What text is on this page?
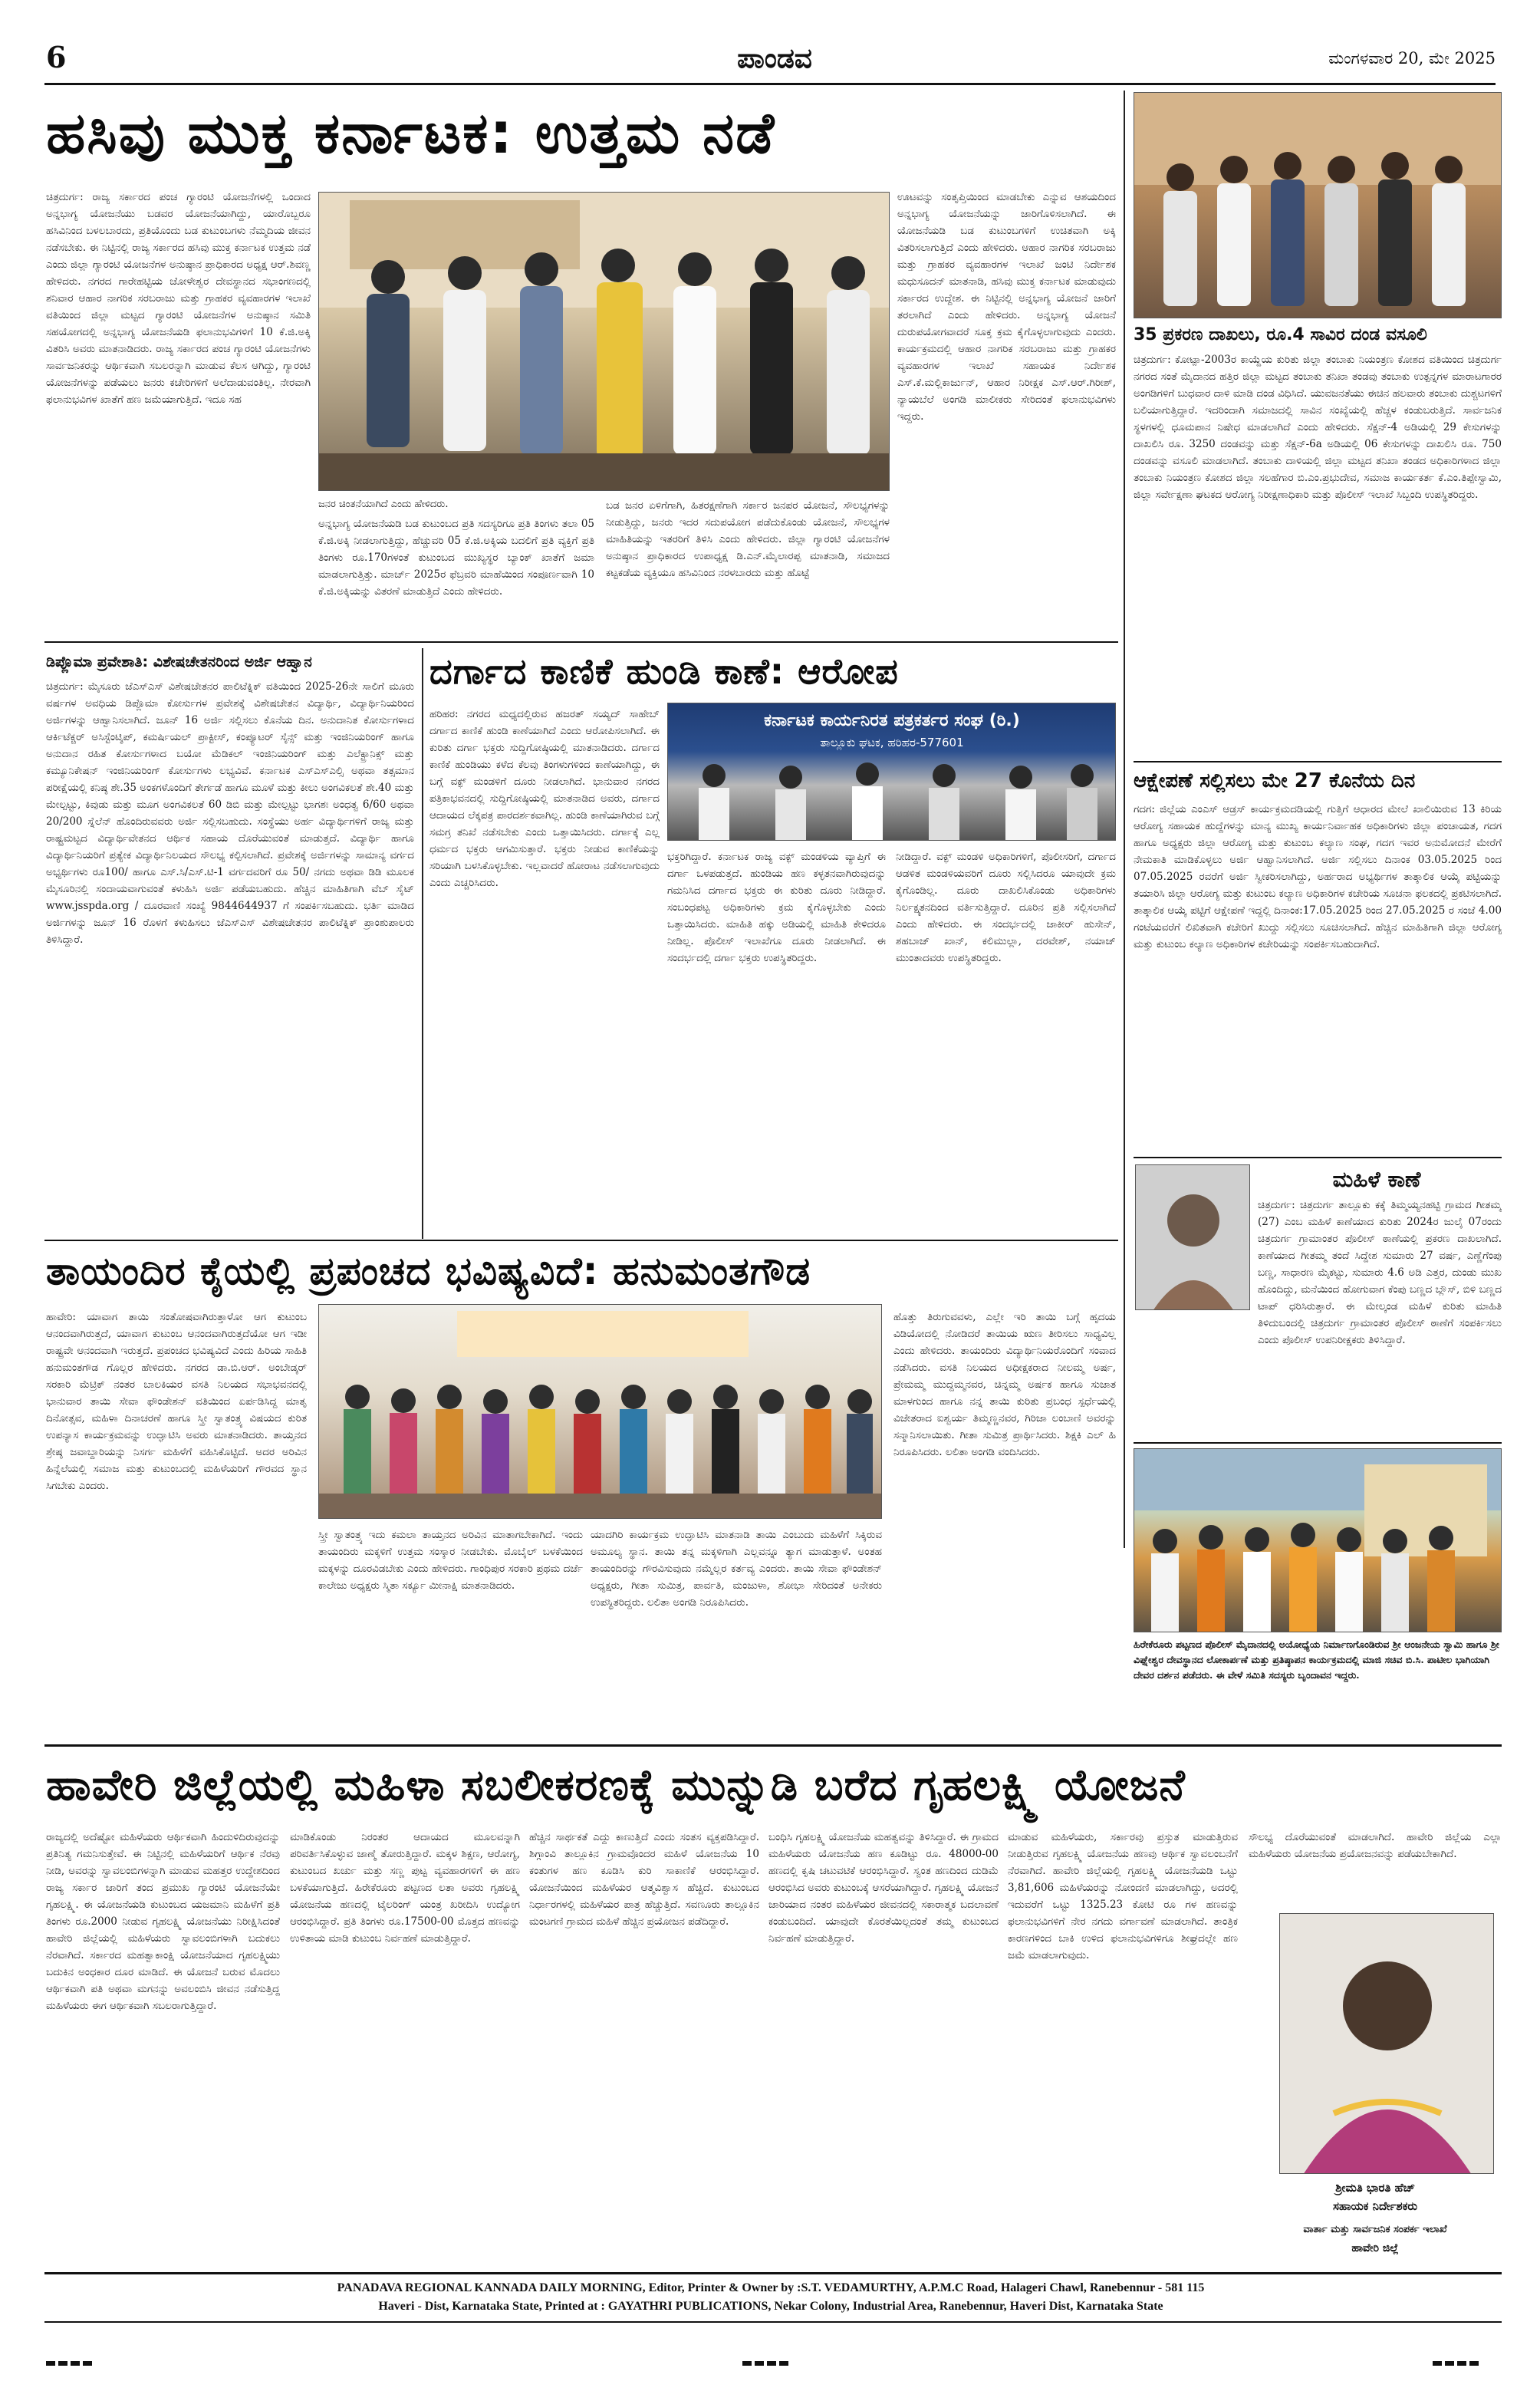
6	ಪಾಂಡವ	ಮಂಗಳವಾರ 20, ಮೇ 2025
ಹಸಿವು ಮುಕ್ತ ಕರ್ನಾಟಕ: ಉತ್ತಮ ನಡೆ
ಚಿತ್ರದುರ್ಗ: ರಾಜ್ಯ ಸರ್ಕಾರದ ಪಂಚ ಗ್ಯಾರಂಟಿ ಯೋಜನೆಗಳಲ್ಲಿ ಒಂದಾದ ಅನ್ನಭಾಗ್ಯ ಯೋಜನೆಯು ಬಡವರ ಯೋಜನೆಯಾಗಿದ್ದು, ಯಾರೊಬ್ಬರೂ ಹಸಿವಿನಿಂದ ಬಳಲಬಾರದು, ಪ್ರತಿಯೊಂದು ಬಡ ಕುಟುಂಬಗಳು ನೆಮ್ಮದಿಯ ಜೀವನ ನಡೆಸಬೇಕು. ಈ ನಿಟ್ಟಿನಲ್ಲಿ ರಾಜ್ಯ ಸರ್ಕಾರದ ಹಸಿವು ಮುಕ್ತ ಕರ್ನಾಟಕ ಉತ್ತಮ ನಡೆ ಎಂದು ಜಿಲ್ಲಾ ಗ್ಯಾರಂಟಿ ಯೋಜನೆಗಳ ಅನುಷ್ಠಾನ ಪ್ರಾಧಿಕಾರದ ಅಧ್ಯಕ್ಷ ಆರ್.ಶಿವಣ್ಣ ಹೇಳಿದರು. ನಗರದ ಗಾರೇಹಟ್ಟಿಯ ಚೋಳೇಶ್ವರ ದೇವಸ್ಥಾನದ ಸಭಾಂಗಣದಲ್ಲಿ ಶನಿವಾರ ಆಹಾರ ನಾಗರಿಕ ಸರಬರಾಜು ಮತ್ತು ಗ್ರಾಹಕರ ವ್ಯವಹಾರಗಳ ಇಲಾಖೆ ವತಿಯಿಂದ ಜಿಲ್ಲಾ ಮಟ್ಟದ ಗ್ಯಾರಂಟಿ ಯೋಜನೆಗಳ ಅನುಷ್ಠಾನ ಸಮಿತಿ ಸಹಯೋಗದಲ್ಲಿ ಅನ್ನಭಾಗ್ಯ ಯೋಜನೆಯಡಿ ಫಲಾನುಭವಿಗಳಿಗೆ 10 ಕೆ.ಜಿ.ಅಕ್ಕಿ ವಿತರಿಸಿ ಅವರು ಮಾತನಾಡಿದರು. ರಾಜ್ಯ ಸರ್ಕಾರದ ಪಂಚ ಗ್ಯಾರಂಟಿ ಯೋಜನೆಗಳು ಸಾರ್ವಜನಿಕರನ್ನು ಆರ್ಥಿಕವಾಗಿ ಸಬಲರನ್ನಾಗಿ ಮಾಡುವ ಕೆಲಸ ಆಗಿದ್ದು, ಗ್ಯಾರಂಟಿ ಯೋಜನೆಗಳನ್ನು ಪಡೆಯಲು ಜನರು ಕಚೇರಿಗಳಿಗೆ ಅಲೆದಾಡುವಂತಿಲ್ಲ. ನೇರವಾಗಿ ಫಲಾನುಭವಿಗಳ ಖಾತೆಗೆ ಹಣ ಜಮೆಯಾಗುತ್ತಿದೆ. ಇದೂ ಸಹ
ಜನರ ಚಿಂತನೆಯಾಗಿದೆ ಎಂದು ಹೇಳಿದರು.
ಅನ್ನಭಾಗ್ಯ ಯೋಜನೆಯಡಿ ಬಡ ಕುಟುಂಬದ ಪ್ರತಿ ಸದಸ್ಯರಿಗೂ ಪ್ರತಿ ತಿಂಗಳು ತಲಾ 05 ಕೆ.ಜಿ.ಅಕ್ಕಿ ನೀಡಲಾಗುತ್ತಿದ್ದು, ಹೆಚ್ಚುವರಿ 05 ಕೆ.ಜಿ.ಅಕ್ಕಿಯ ಬದಲಿಗೆ ಪ್ರತಿ ವ್ಯಕ್ತಿಗೆ ಪ್ರತಿ ತಿಂಗಳು ರೂ.170ಗಳಂತೆ ಕುಟುಂಬದ ಮುಖ್ಯಸ್ಥರ ಬ್ಯಾಂಕ್ ಖಾತೆಗೆ ಜಮಾ ಮಾಡಲಾಗುತ್ತಿತ್ತು. ಮಾರ್ಚ್ 2025ರ ಫೆಬ್ರವರಿ ಮಾಹೆಯಿಂದ ಸಂಪೂರ್ಣವಾಗಿ 10 ಕೆ.ಜಿ.ಅಕ್ಕಿಯನ್ನು ವಿತರಣೆ ಮಾಡುತ್ತಿದೆ ಎಂದು ಹೇಳಿದರು.
ಬಡ ಜನರ ಏಳಿಗೆಗಾಗಿ, ಹಿತರಕ್ಷಣೆಗಾಗಿ ಸರ್ಕಾರ ಜನಪರ ಯೋಜನೆ, ಸೌಲಭ್ಯಗಳನ್ನು ನೀಡುತ್ತಿದ್ದು, ಜನರು ಇದರ ಸದುಪಯೋಗ ಪಡೆದುಕೊಂಡು ಯೋಜನೆ, ಸೌಲಭ್ಯಗಳ ಮಾಹಿತಿಯನ್ನು ಇತರರಿಗೆ ತಿಳಿಸಿ ಎಂದು ಹೇಳಿದರು. ಜಿಲ್ಲಾ ಗ್ಯಾರಂಟಿ ಯೋಜನೆಗಳ ಅನುಷ್ಠಾನ ಪ್ರಾಧಿಕಾರದ ಉಪಾಧ್ಯಕ್ಷ ಡಿ.ಎನ್.ಮೈಲಾರಪ್ಪ ಮಾತನಾಡಿ, ಸಮಾಜದ ಕಟ್ಟಕಡೆಯ ವ್ಯಕ್ತಿಯೂ ಹಸಿವಿನಿಂದ ನರಳಬಾರದು ಮತ್ತು ಹೊಟ್ಟೆ
ಊಟವನ್ನು ಸಂತೃಪ್ತಿಯಿಂದ ಮಾಡಬೇಕು ಎನ್ನುವ ಆಶಯದಿಂದ ಅನ್ನಭಾಗ್ಯ ಯೋಜನೆಯನ್ನು ಜಾರಿಗೊಳಿಸಲಾಗಿದೆ. ಈ ಯೋಜನೆಯಡಿ ಬಡ ಕುಟುಂಬಗಳಿಗೆ ಉಚಿತವಾಗಿ ಅಕ್ಕಿ ವಿತರಿಸಲಾಗುತ್ತಿದೆ ಎಂದು ಹೇಳಿದರು. ಆಹಾರ ನಾಗರಿಕ ಸರಬರಾಜು ಮತ್ತು ಗ್ರಾಹಕರ ವ್ಯವಹಾರಗಳ ಇಲಾಖೆ ಜಂಟಿ ನಿರ್ದೇಶಕ ಮಧುಸೂದನ್ ಮಾತನಾಡಿ, ಹಸಿವು ಮುಕ್ತ ಕರ್ನಾಟಕ ಮಾಡುವುದು ಸರ್ಕಾರದ ಉದ್ದೇಶ. ಈ ನಿಟ್ಟಿನಲ್ಲಿ ಅನ್ನಭಾಗ್ಯ ಯೋಜನೆ ಜಾರಿಗೆ ತರಲಾಗಿದೆ ಎಂದು ಹೇಳಿದರು. ಅನ್ನಭಾಗ್ಯ ಯೋಜನೆ ದುರುಪಯೋಗವಾದರೆ ಸೂಕ್ತ ಕ್ರಮ ಕೈಗೊಳ್ಳಲಾಗುವುದು ಎಂದರು. ಕಾರ್ಯಕ್ರಮದಲ್ಲಿ ಆಹಾರ ನಾಗರಿಕ ಸರಬರಾಜು ಮತ್ತು ಗ್ರಾಹಕರ ವ್ಯವಹಾರಗಳ ಇಲಾಖೆ ಸಹಾಯಕ ನಿರ್ದೇಶಕ ಎಸ್.ಕೆ.ಮಲ್ಲಿಕಾರ್ಜುನ್, ಆಹಾರ ನಿರೀಕ್ಷಕ ಎಸ್.ಆರ್.ಗಿರೀಶ್, ನ್ಯಾಯಬೆಲೆ ಅಂಗಡಿ ಮಾಲೀಕರು ಸೇರಿದಂತೆ ಫಲಾನುಭವಿಗಳು ಇದ್ದರು.
35 ಪ್ರಕರಣ ದಾಖಲು, ರೂ.4 ಸಾವಿರ ದಂಡ ವಸೂಲಿ
ಚಿತ್ರದುರ್ಗ: ಕೋಟ್ಪಾ-2003ರ ಕಾಯ್ದೆಯ ಕುರಿತು ಜಿಲ್ಲಾ ತಂಬಾಕು ನಿಯಂತ್ರಣ ಕೋಶದ ವತಿಯಿಂದ ಚಿತ್ರದುರ್ಗ ನಗರದ ಸಂತೆ ಮೈದಾನದ ಹತ್ತಿರ ಜಿಲ್ಲಾ ಮಟ್ಟದ ತಂಬಾಕು ತನಿಖಾ ತಂಡವು ತಂಬಾಕು ಉತ್ಪನ್ನಗಳ ಮಾರಾಟಗಾರರ ಅಂಗಡಿಗಳಿಗೆ ಬುಧವಾರ ದಾಳಿ ಮಾಡಿ ದಂಡ ವಿಧಿಸಿದೆ. ಯುವಜನತೆಯು ಈಚಿನ ಹಲವಾರು ತಂಬಾಕು ದುಶ್ಚಟಗಳಿಗೆ ಬಲಿಯಾಗುತ್ತಿದ್ದಾರೆ. ಇದರಿಂದಾಗಿ ಸಮಾಜದಲ್ಲಿ ಸಾವಿನ ಸಂಖ್ಯೆಯಲ್ಲಿ ಹೆಚ್ಚಳ ಕಂಡುಬರುತ್ತಿದೆ. ಸಾರ್ವಜನಿಕ ಸ್ಥಳಗಳಲ್ಲಿ ಧೂಮಪಾನ ನಿಷೇಧ ಮಾಡಲಾಗಿದೆ ಎಂದು ಹೇಳಿದರು. ಸೆಕ್ಷನ್-4 ಅಡಿಯಲ್ಲಿ 29 ಕೇಸುಗಳನ್ನು ದಾಖಲಿಸಿ ರೂ. 3250 ದಂಡವನ್ನು ಮತ್ತು ಸೆಕ್ಷನ್-6a ಅಡಿಯಲ್ಲಿ 06 ಕೇಸುಗಳನ್ನು ದಾಖಲಿಸಿ ರೂ. 750 ದಂಡವನ್ನು ವಸೂಲಿ ಮಾಡಲಾಗಿದೆ. ತಂಬಾಕು ದಾಳಿಯಲ್ಲಿ ಜಿಲ್ಲಾ ಮಟ್ಟದ ತನಿಖಾ ತಂಡದ ಅಧಿಕಾರಿಗಳಾದ ಜಿಲ್ಲಾ ತಂಬಾಕು ನಿಯಂತ್ರಣ ಕೋಶದ ಜಿಲ್ಲಾ ಸಲಹೆಗಾರ ಬಿ.ಎಂ.ಪ್ರಭುದೇವ, ಸಮಾಜ ಕಾರ್ಯಕರ್ತ ಕೆ.ಎಂ.ತಿಪ್ಪೇಸ್ವಾಮಿ, ಜಿಲ್ಲಾ ಸರ್ವೇಕ್ಷಣಾ ಘಟಕದ ಆರೋಗ್ಯ ನಿರೀಕ್ಷಣಾಧಿಕಾರಿ ಮತ್ತು ಪೊಲೀಸ್ ಇಲಾಖೆ ಸಿಬ್ಬಂದಿ ಉಪಸ್ಥಿತರಿದ್ದರು.
ಆಕ್ಷೇಪಣೆ ಸಲ್ಲಿಸಲು ಮೇ 27 ಕೊನೆಯ ದಿನ
ಗದಗ: ಜಿಲ್ಲೆಯ ಎಂಎಸ್ ಆಡ್ರಸ್ ಕಾರ್ಯಕ್ರಮದಡಿಯಲ್ಲಿ ಗುತ್ತಿಗೆ ಆಧಾರದ ಮೇಲೆ ಖಾಲಿಯಿರುವ 13 ಕಿರಿಯ ಆರೋಗ್ಯ ಸಹಾಯಕ ಹುದ್ದೆಗಳನ್ನು ಮಾನ್ಯ ಮುಖ್ಯ ಕಾರ್ಯನಿರ್ವಾಹಕ ಅಧಿಕಾರಿಗಳು ಜಿಲ್ಲಾ ಪಂಚಾಯತ, ಗದಗ ಹಾಗೂ ಅಧ್ಯಕ್ಷರು ಜಿಲ್ಲಾ ಆರೋಗ್ಯ ಮತ್ತು ಕುಟುಂಬ ಕಲ್ಯಾಣ ಸಂಘ, ಗದಗ ಇವರ ಅನುಮೋದನೆ ಮೇರೆಗೆ ನೇಮಕಾತಿ ಮಾಡಿಕೊಳ್ಳಲು ಅರ್ಜಿ ಆಹ್ವಾನಿಸಲಾಗಿದೆ. ಅರ್ಜಿ ಸಲ್ಲಿಸಲು ದಿನಾಂಕ 03.05.2025 ರಿಂದ 07.05.2025 ರವರೆಗೆ ಅರ್ಜಿ ಸ್ವೀಕರಿಸಲಾಗಿದ್ದು, ಅರ್ಹರಾದ ಅಭ್ಯರ್ಥಿಗಳ ತಾತ್ಕಾಲಿಕ ಆಯ್ಕೆ ಪಟ್ಟಿಯನ್ನು ತಯಾರಿಸಿ ಜಿಲ್ಲಾ ಆರೋಗ್ಯ ಮತ್ತು ಕುಟುಂಬ ಕಲ್ಯಾಣ ಅಧಿಕಾರಿಗಳ ಕಚೇರಿಯ ಸೂಚನಾ ಫಲಕದಲ್ಲಿ ಪ್ರಕಟಿಸಲಾಗಿದೆ. ತಾತ್ಕಾಲಿಕ ಆಯ್ಕೆ ಪಟ್ಟಿಗೆ ಆಕ್ಷೇಪಣೆ ಇದ್ದಲ್ಲಿ ದಿನಾಂಕ:17.05.2025 ರಿಂದ 27.05.2025 ರ ಸಂಜೆ 4.00 ಗಂಟೆಯವರೆಗೆ ಲಿಖಿತವಾಗಿ ಕಚೇರಿಗೆ ಖುದ್ದು ಸಲ್ಲಿಸಲು ಸೂಚಿಸಲಾಗಿದೆ. ಹೆಚ್ಚಿನ ಮಾಹಿತಿಗಾಗಿ ಜಿಲ್ಲಾ ಆರೋಗ್ಯ ಮತ್ತು ಕುಟುಂಬ ಕಲ್ಯಾಣ ಅಧಿಕಾರಿಗಳ ಕಚೇರಿಯನ್ನು ಸಂಪರ್ಕಿಸಬಹುದಾಗಿದೆ.
ಮಹಿಳೆ ಕಾಣೆ
ಚಿತ್ರದುರ್ಗ: ಚಿತ್ರದುರ್ಗ ತಾಲ್ಲೂಕು ಕಕ್ಕೆ ತಿಮ್ಮಯ್ಯನಹಟ್ಟಿ ಗ್ರಾಮದ ಗೀತಮ್ಮ (27) ಎಂಬ ಮಹಿಳೆ ಕಾಣೆಯಾದ ಕುರಿತು 2024ರ ಜುಲೈ 07ರಂದು ಚಿತ್ರದುರ್ಗ ಗ್ರಾಮಾಂತರ ಪೊಲೀಸ್ ಠಾಣೆಯಲ್ಲಿ ಪ್ರಕರಣ ದಾಖಲಾಗಿದೆ. ಕಾಣೆಯಾದ ಗೀತಮ್ಮ ತಂದೆ ಸಿದ್ದೇಶ ಸುಮಾರು 27 ವರ್ಷ, ಎಣ್ಣೆಗೆಂಪು ಬಣ್ಣ, ಸಾಧಾರಣ ಮೈಕಟ್ಟು, ಸುಮಾರು 4.6 ಅಡಿ ಎತ್ತರ, ದುಂಡು ಮುಖ ಹೊಂದಿದ್ದು, ಮನೆಯಿಂದ ಹೋಗುವಾಗ ಕೆಂಪು ಬಣ್ಣದ ಬ್ಲೌಸ್, ಬಿಳಿ ಬಣ್ಣದ ಟಾಪ್ ಧರಿಸಿರುತ್ತಾರೆ. ಈ ಮೇಲ್ಕಂಡ ಮಹಿಳೆ ಕುರಿತು ಮಾಹಿತಿ ತಿಳಿದುಬಂದಲ್ಲಿ ಚಿತ್ರದುರ್ಗ ಗ್ರಾಮಾಂತರ ಪೊಲೀಸ್ ಠಾಣೆಗೆ ಸಂಪರ್ಕಿಸಲು ಎಂದು ಪೊಲೀಸ್ ಉಪನಿರೀಕ್ಷಕರು ತಿಳಿಸಿದ್ದಾರೆ.
ಹಿರೇಕೆರೂರು ಪಟ್ಟಣದ ಪೊಲೀಸ್ ಮೈದಾನದಲ್ಲಿ ಅಯೋಧ್ಯೆಯ ನಿರ್ಮಾಣಗೊಂಡಿರುವ ಶ್ರೀ ಆಂಜನೇಯ ಸ್ವಾಮಿ ಹಾಗೂ ಶ್ರೀ ವಿಘ್ನೇಶ್ವರ ದೇವಸ್ಥಾನದ ಲೋಕಾರ್ಪಣೆ ಮತ್ತು ಪ್ರತಿಷ್ಠಾಪನ ಕಾರ್ಯಕ್ರಮದಲ್ಲಿ ಮಾಜಿ ಸಚಿವ ಬಿ.ಸಿ. ಪಾಟೀಲ ಭಾಗಿಯಾಗಿ ದೇವರ ದರ್ಶನ ಪಡೆದರು. ಈ ವೇಳೆ ಸಮಿತಿ ಸದಸ್ಯರು ಬೃಂದಾವನ ಇದ್ದರು.
ಡಿಪ್ಲೊಮಾ ಪ್ರವೇಶಾತಿ: ವಿಶೇಷಚೇತನರಿಂದ ಅರ್ಜಿ ಆಹ್ವಾನ
ಚಿತ್ರದುರ್ಗ: ಮೈಸೂರು ಜೆಎಸ್ಎಸ್ ವಿಶೇಷಚೇತನರ ಪಾಲಿಟೆಕ್ನಿಕ್ ವತಿಯಿಂದ 2025-26ನೇ ಸಾಲಿಗೆ ಮೂರು ವರ್ಷಗಳ ಅವಧಿಯ ಡಿಪ್ಲೊಮಾ ಕೋರ್ಸುಗಳ ಪ್ರವೇಶಕ್ಕೆ ವಿಶೇಷಚೇತನ ವಿದ್ಯಾರ್ಥಿ, ವಿದ್ಯಾರ್ಥಿನಿಯರಿಂದ ಅರ್ಜಿಗಳನ್ನು ಆಹ್ವಾನಿಸಲಾಗಿದೆ. ಜೂನ್ 16 ಅರ್ಜಿ ಸಲ್ಲಿಸಲು ಕೊನೆಯ ದಿನ. ಅನುದಾನಿತ ಕೋರ್ಸುಗಳಾದ ಆರ್ಕಿಟೆಕ್ಚರ್ ಅಸಿಸ್ಟೆಂಟ್ಶಿಪ್, ಕಮರ್ಷಿಯಲ್ ಪ್ರಾಕ್ಟೀಸ್, ಕಂಪ್ಯೂಟರ್ ಸೈನ್ಸ್ ಮತ್ತು ಇಂಜಿನಿಯರಿಂಗ್ ಹಾಗೂ ಅನುದಾನ ರಹಿತ ಕೋರ್ಸುಗಳಾದ ಬಯೋ ಮೆಡಿಕಲ್ ಇಂಜಿನಿಯರಿಂಗ್ ಮತ್ತು ಎಲೆಕ್ಟ್ರಾನಿಕ್ಸ್ ಮತ್ತು ಕಮ್ಯೂನಿಕೇಷನ್ ಇಂಜಿನಿಯರಿಂಗ್ ಕೋರ್ಸುಗಳು ಲಭ್ಯವಿವೆ. ಕರ್ನಾಟಕ ಎಸ್ಎಸ್ಎಲ್ಸಿ ಅಥವಾ ತತ್ಸಮಾನ ಪರೀಕ್ಷೆಯಲ್ಲಿ ಕನಿಷ್ಠ ಶೇ.35 ಅಂಕಗಳೊಂದಿಗೆ ತೇರ್ಗಡೆ ಹಾಗೂ ಮೂಳೆ ಮತ್ತು ಕೀಲು ಅಂಗವಿಕಲತೆ ಶೇ.40 ಮತ್ತು ಮೇಲ್ಪಟ್ಟು, ಕಿವುಡು ಮತ್ತು ಮೂಗ ಅಂಗವಿಕಲತೆ 60 ಡಿಬಿ ಮತ್ತು ಮೇಲ್ಪಟ್ಟು ಭಾಗಶಃ ಅಂಧತ್ವ 6/60 ಅಥವಾ 20/200 ಸ್ನೆಲೆನ್ ಹೊಂದಿರುವವರು ಅರ್ಜಿ ಸಲ್ಲಿಸಬಹುದು. ಸಂಸ್ಥೆಯು ಅರ್ಹ ವಿದ್ಯಾರ್ಥಿಗಳಿಗೆ ರಾಜ್ಯ ಮತ್ತು ರಾಷ್ಟ್ರಮಟ್ಟದ ವಿದ್ಯಾರ್ಥಿವೇತನದ ಆರ್ಥಿಕ ಸಹಾಯ ದೊರೆಯುವಂತೆ ಮಾಡುತ್ತದೆ. ವಿದ್ಯಾರ್ಥಿ ಹಾಗೂ ವಿದ್ಯಾರ್ಥಿನಿಯರಿಗೆ ಪ್ರತ್ಯೇಕ ವಿದ್ಯಾರ್ಥಿನಿಲಯದ ಸೌಲಭ್ಯ ಕಲ್ಪಿಸಲಾಗಿದೆ. ಪ್ರವೇಶಕ್ಕೆ ಅರ್ಜಿಗಳನ್ನು ಸಾಮಾನ್ಯ ವರ್ಗದ ಅಭ್ಯರ್ಥಿಗಳು ರೂ100/ ಹಾಗೂ ಎಸ್.ಸಿ/ಎಸ್.ಟಿ-1 ವರ್ಗದವರಿಗೆ ರೂ 50/ ನಗದು ಅಥವಾ ಡಿಡಿ ಮೂಲಕ ಮೈಸೂರಿನಲ್ಲಿ ಸಂದಾಯವಾಗುವಂತೆ ಕಳುಹಿಸಿ ಅರ್ಜಿ ಪಡೆಯಬಹುದು. ಹೆಚ್ಚಿನ ಮಾಹಿತಿಗಾಗಿ ವೆಬ್ ಸೈಟ್ www.jsspda.org / ದೂರವಾಣಿ ಸಂಖ್ಯೆ 9844644937 ಗೆ ಸಂಪರ್ಕಿಸಬಹುದು. ಭರ್ತಿ ಮಾಡಿದ ಅರ್ಜಿಗಳನ್ನು ಜೂನ್ 16 ರೊಳಗೆ ಕಳುಹಿಸಲು ಜೆಎಸ್ಎಸ್ ವಿಶೇಷಚೇತನರ ಪಾಲಿಟೆಕ್ನಿಕ್ ಪ್ರಾಂಶುಪಾಲರು ತಿಳಿಸಿದ್ದಾರೆ.
ದರ್ಗಾದ ಕಾಣಿಕೆ ಹುಂಡಿ ಕಾಣೆ: ಆರೋಪ
ಹರಿಹರ: ನಗರದ ಮಧ್ಯದಲ್ಲಿರುವ ಹಜರತ್ ಸಯ್ಯದ್ ಸಾಹೇಬ್ ದರ್ಗಾದ ಕಾಣಿಕೆ ಹುಂಡಿ ಕಾಣೆಯಾಗಿದೆ ಎಂದು ಆರೋಪಿಸಲಾಗಿದೆ. ಈ ಕುರಿತು ದರ್ಗಾ ಭಕ್ತರು ಸುದ್ದಿಗೋಷ್ಠಿಯಲ್ಲಿ ಮಾತನಾಡಿದರು. ದರ್ಗಾದ ಕಾಣಿಕೆ ಹುಂಡಿಯು ಕಳೆದ ಕೆಲವು ತಿಂಗಳುಗಳಿಂದ ಕಾಣೆಯಾಗಿದ್ದು, ಈ ಬಗ್ಗೆ ವಕ್ಫ್ ಮಂಡಳಿಗೆ ದೂರು ನೀಡಲಾಗಿದೆ. ಭಾನುವಾರ ನಗರದ ಪತ್ರಿಕಾಭವನದಲ್ಲಿ ಸುದ್ದಿಗೋಷ್ಠಿಯಲ್ಲಿ ಮಾತನಾಡಿದ ಅವರು, ದರ್ಗಾದ ಆದಾಯದ ಲೆಕ್ಕಪತ್ರ ಪಾರದರ್ಶಕವಾಗಿಲ್ಲ. ಹುಂಡಿ ಕಾಣೆಯಾಗಿರುವ ಬಗ್ಗೆ ಸಮಗ್ರ ತನಿಖೆ ನಡೆಸಬೇಕು ಎಂದು ಒತ್ತಾಯಿಸಿದರು. ದರ್ಗಾಕ್ಕೆ ಎಲ್ಲ ಧರ್ಮದ ಭಕ್ತರು ಆಗಮಿಸುತ್ತಾರೆ. ಭಕ್ತರು ನೀಡುವ ಕಾಣಿಕೆಯನ್ನು ಸರಿಯಾಗಿ ಬಳಸಿಕೊಳ್ಳಬೇಕು. ಇಲ್ಲವಾದರೆ ಹೋರಾಟ ನಡೆಸಲಾಗುವುದು ಎಂದು ಎಚ್ಚರಿಸಿದರು.
ಕರ್ನಾಟಕ ಕಾರ್ಯನಿರತ ಪತ್ರಕರ್ತರ ಸಂಘ (ರಿ.)
ತಾಲ್ಲೂಕು ಘಟಕ, ಹರಿಹರ-577601
ಭಕ್ತರಿಗಿದ್ದಾರೆ. ಕರ್ನಾಟಕ ರಾಜ್ಯ ವಕ್ಫ್ ಮಂಡಳಿಯ ವ್ಯಾಪ್ತಿಗೆ ಈ ದರ್ಗಾ ಒಳಪಡುತ್ತದೆ. ಹುಂಡಿಯ ಹಣ ಕಳ್ಳತನವಾಗಿರುವುದನ್ನು ಗಮನಿಸಿದ ದರ್ಗಾದ ಭಕ್ತರು ಈ ಕುರಿತು ದೂರು ನೀಡಿದ್ದಾರೆ. ಸಂಬಂಧಪಟ್ಟ ಅಧಿಕಾರಿಗಳು ಕ್ರಮ ಕೈಗೊಳ್ಳಬೇಕು ಎಂದು ಒತ್ತಾಯಿಸಿದರು. ಮಾಹಿತಿ ಹಕ್ಕು ಅಡಿಯಲ್ಲಿ ಮಾಹಿತಿ ಕೇಳಿದರೂ ನೀಡಿಲ್ಲ. ಪೊಲೀಸ್ ಇಲಾಖೆಗೂ ದೂರು ನೀಡಲಾಗಿದೆ. ಈ ಸಂದರ್ಭದಲ್ಲಿ ದರ್ಗಾ ಭಕ್ತರು ಉಪಸ್ಥಿತರಿದ್ದರು.
ನೀಡಿದ್ದಾರೆ. ವಕ್ಫ್ ಮಂಡಳಿ ಅಧಿಕಾರಿಗಳಿಗೆ, ಪೊಲೀಸರಿಗೆ, ದರ್ಗಾದ ಆಡಳಿತ ಮಂಡಳಿಯವರಿಗೆ ದೂರು ಸಲ್ಲಿಸಿದರೂ ಯಾವುದೇ ಕ್ರಮ ಕೈಗೊಂಡಿಲ್ಲ. ದೂರು ದಾಖಲಿಸಿಕೊಂಡು ಅಧಿಕಾರಿಗಳು ನಿರ್ಲಕ್ಷ್ಯತನದಿಂದ ವರ್ತಿಸುತ್ತಿದ್ದಾರೆ. ದೂರಿನ ಪ್ರತಿ ಸಲ್ಲಿಸಲಾಗಿದೆ ಎಂದು ಹೇಳಿದರು. ಈ ಸಂದರ್ಭದಲ್ಲಿ ಜಾಕೀರ್ ಹುಸೇನ್, ಶಹಬಾಜ್ ಖಾನ್, ಕಲಿಮುಲ್ಲಾ, ದರವೇಶ್, ನಯಾಜ್ ಮುಂತಾದವರು ಉಪಸ್ಥಿತರಿದ್ದರು.
ತಾಯಂದಿರ ಕೈಯಲ್ಲಿ ಪ್ರಪಂಚದ ಭವಿಷ್ಯವಿದೆ: ಹನುಮಂತಗೌಡ
ಹಾವೇರಿ: ಯಾವಾಗ ತಾಯಿ ಸಂತೋಷವಾಗಿರುತ್ತಾಳೋ ಆಗ ಕುಟುಂಬ ಆನಂದವಾಗಿರುತ್ತದೆ, ಯಾವಾಗ ಕುಟುಂಬ ಆನಂದವಾಗಿರುತ್ತದೆಯೋ ಆಗ ಇಡೀ ರಾಷ್ಟ್ರವೇ ಆನಂದವಾಗಿ ಇರುತ್ತದೆ. ಪ್ರಪಂಚದ ಭವಿಷ್ಯವಿದೆ ಎಂದು ಹಿರಿಯ ಸಾಹಿತಿ ಹನುಮಂತಗೌಡ ಗೊಲ್ಲರ ಹೇಳಿದರು. ನಗರದ ಡಾ.ಬಿ.ಆರ್. ಅಂಬೇಡ್ಕರ್ ಸರಕಾರಿ ಮೆಟ್ರಿಕ್ ನಂತರ ಬಾಲಕಿಯರ ವಸತಿ ನಿಲಯದ ಸಭಾಭವನದಲ್ಲಿ ಭಾನುವಾರ ತಾಯಿ ಸೇವಾ ಫೌಂಡೇಶನ್ ವತಿಯಿಂದ ಏರ್ಪಡಿಸಿದ್ದ ಮಾತೃ ದಿನೋತ್ಸವ, ಮಹಿಳಾ ದಿನಾಚರಣೆ ಹಾಗೂ ಸ್ತ್ರೀ ಸ್ವಾತಂತ್ರ್ಯ ವಿಷಯದ ಕುರಿತ ಉಪನ್ಯಾಸ ಕಾರ್ಯಕ್ರಮವನ್ನು ಉದ್ಘಾಟಿಸಿ ಅವರು ಮಾತನಾಡಿದರು. ತಾಯ್ತನದ ಶ್ರೇಷ್ಠ ಜವಾಬ್ದಾರಿಯನ್ನು ನಿಸರ್ಗ ಮಹಿಳೆಗೆ ವಹಿಸಿಕೊಟ್ಟಿದೆ. ಅದರ ಅರಿವಿನ ಹಿನ್ನೆಲೆಯಲ್ಲಿ ಸಮಾಜ ಮತ್ತು ಕುಟುಂಬದಲ್ಲಿ ಮಹಿಳೆಯರಿಗೆ ಗೌರವದ ಸ್ಥಾನ ಸಿಗಬೇಕು ಎಂದರು.
ಸ್ತ್ರೀ ಸ್ವಾತಂತ್ರ್ಯ ಇದು ಕಮಲಾ ತಾಯ್ತನದ ಅರಿವಿನ ಮಾತಾಗಬೇಕಾಗಿದೆ. ಇಂದು ತಾಯಂದಿರು ಮಕ್ಕಳಿಗೆ ಉತ್ತಮ ಸಂಸ್ಕಾರ ನೀಡಬೇಕು. ಮೊಬೈಲ್ ಬಳಕೆಯಿಂದ ಮಕ್ಕಳನ್ನು ದೂರವಿಡಬೇಕು ಎಂದು ಹೇಳಿದರು. ಗಾಂಧಿಪುರ ಸರಕಾರಿ ಪ್ರಥಮ ದರ್ಜೆ ಕಾಲೇಜು ಅಧ್ಯಕ್ಷರು ಸ್ಮಿತಾ ಸರ್ಕ್ಯೂ ಮೀನಾಕ್ಷಿ ಮಾತನಾಡಿದರು.
ಯಾದಗಿರಿ ಕಾರ್ಯಕ್ರಮ ಉದ್ಘಾಟಿಸಿ ಮಾತನಾಡಿ ತಾಯಿ ಎಂಬುದು ಮಹಿಳೆಗೆ ಸಿಕ್ಕಿರುವ ಅಮೂಲ್ಯ ಸ್ಥಾನ. ತಾಯಿ ತನ್ನ ಮಕ್ಕಳಿಗಾಗಿ ಎಲ್ಲವನ್ನೂ ತ್ಯಾಗ ಮಾಡುತ್ತಾಳೆ. ಅಂತಹ ತಾಯಂದಿರನ್ನು ಗೌರವಿಸುವುದು ನಮ್ಮೆಲ್ಲರ ಕರ್ತವ್ಯ ಎಂದರು. ತಾಯಿ ಸೇವಾ ಫೌಂಡೇಶನ್ ಅಧ್ಯಕ್ಷರು, ಗೀತಾ ಸುಮಿತ್ರ, ಪಾರ್ವತಿ, ಮಂಜುಳಾ, ಶೋಭಾ ಸೇರಿದಂತೆ ಅನೇಕರು ಉಪಸ್ಥಿತರಿದ್ದರು. ಲಲಿತಾ ಅಂಗಡಿ ನಿರೂಪಿಸಿದರು.
ಹೊತ್ತು ತಿರುಗುವವಳು, ಎಲ್ಲೇ ಇರಿ ತಾಯಿ ಬಗ್ಗೆ ಹೃದಯ ವಿಡಿಯೋದಲ್ಲಿ ನೋಡಿದರೆ ತಾಯಿಯ ಋಣ ತೀರಿಸಲು ಸಾಧ್ಯವಿಲ್ಲ ಎಂದು ಹೇಳಿದರು. ತಾಯಂದಿರು ವಿದ್ಯಾರ್ಥಿನಿಯರೊಂದಿಗೆ ಸಂವಾದ ನಡೆಸಿದರು. ವಸತಿ ನಿಲಯದ ಅಧೀಕ್ಷಕರಾದ ನೀಲಮ್ಮ ಅರ್ಷ, ಪ್ರೇಮಮ್ಮ ಮುದ್ದಮ್ಮನವರ, ಚಿನ್ನಮ್ಮ ಅರ್ಷಕ ಹಾಗೂ ಸುಜಾತ ಮಾಳಗುಂದ ಹಾಗೂ ನನ್ನ ತಾಯಿ ಕುರಿತು ಪ್ರಬಂಧ ಸ್ಪರ್ಧೆಯಲ್ಲಿ ವಿಜೇತರಾದ ಐಶ್ವರ್ಯ ತಿಮ್ಮಣ್ಣನವರ, ಗಿರಿಜಾ ಲಂಬಾಣಿ ಅವರನ್ನು ಸನ್ಮಾನಿಸಲಾಯಿತು. ಗೀತಾ ಸುಮಿತ್ರ ಪ್ರಾರ್ಥಿಸಿದರು. ಶಿಕ್ಷಕಿ ಎಲ್ ಹಿ ನಿರೂಪಿಸಿದರು. ಲಲಿತಾ ಅಂಗಡಿ ವಂದಿಸಿದರು.
ಹಾವೇರಿ ಜಿಲ್ಲೆಯಲ್ಲಿ ಮಹಿಳಾ ಸಬಲೀಕರಣಕ್ಕೆ ಮುನ್ನುಡಿ ಬರೆದ ಗೃಹಲಕ್ಷ್ಮಿ ಯೋಜನೆ
ರಾಜ್ಯದಲ್ಲಿ ಅದೆಷ್ಟೋ ಮಹಿಳೆಯರು ಆರ್ಥಿಕವಾಗಿ ಹಿಂದುಳಿದಿರುವುದನ್ನು ಪ್ರತಿನಿತ್ಯ ಗಮನಿಸುತ್ತೇವೆ. ಈ ನಿಟ್ಟಿನಲ್ಲಿ ಮಹಿಳೆಯರಿಗೆ ಆರ್ಥಿಕ ನೆರವು ನೀಡಿ, ಅವರನ್ನು ಸ್ವಾವಲಂಬಿಗಳನ್ನಾಗಿ ಮಾಡುವ ಮಹತ್ತರ ಉದ್ದೇಶದಿಂದ ರಾಜ್ಯ ಸರ್ಕಾರ ಜಾರಿಗೆ ತಂದ ಪ್ರಮುಖ ಗ್ಯಾರಂಟಿ ಯೋಜನೆಯೇ ಗೃಹಲಕ್ಷ್ಮಿ. ಈ ಯೋಜನೆಯಡಿ ಕುಟುಂಬದ ಯಜಮಾನಿ ಮಹಿಳೆಗೆ ಪ್ರತಿ ತಿಂಗಳು ರೂ.2000 ನೀಡುವ ಗೃಹಲಕ್ಷ್ಮಿ ಯೋಜನೆಯು ನಿರೀಕ್ಷಿಸಿದಂತೆ ಹಾವೇರಿ ಜಿಲ್ಲೆಯಲ್ಲಿ ಮಹಿಳೆಯರು ಸ್ವಾವಲಂಬಿಗಳಾಗಿ ಬದುಕಲು ನೆರವಾಗಿದೆ. ಸರ್ಕಾರದ ಮಹತ್ವಾಕಾಂಕ್ಷಿ ಯೋಜನೆಯಾದ ಗೃಹಲಕ್ಷ್ಮಿಯು ಬದುಕಿನ ಅಂಧಕಾರ ದೂರ ಮಾಡಿದೆ. ಈ ಯೋಜನೆ ಬರುವ ಮೊದಲು ಆರ್ಥಿಕವಾಗಿ ಪತಿ ಅಥವಾ ಮಗನನ್ನು ಅವಲಂಬಿಸಿ ಜೀವನ ನಡೆಸುತ್ತಿದ್ದ ಮಹಿಳೆಯರು ಈಗ ಆರ್ಥಿಕವಾಗಿ ಸಬಲರಾಗುತ್ತಿದ್ದಾರೆ.
ಮಾಡಿಕೊಂಡು ನಿರಂತರ ಆದಾಯದ ಮೂಲವನ್ನಾಗಿ ಪರಿವರ್ತಿಸಿಕೊಳ್ಳುವ ಜಾಣ್ಮೆ ತೋರುತ್ತಿದ್ದಾರೆ. ಮಕ್ಕಳ ಶಿಕ್ಷಣ, ಆರೋಗ್ಯ, ಕುಟುಂಬದ ಖರ್ಚು ಮತ್ತು ಸಣ್ಣ ಪುಟ್ಟ ವ್ಯವಹಾರಗಳಿಗೆ ಈ ಹಣ ಬಳಕೆಯಾಗುತ್ತಿದೆ. ಹಿರೇಕೆರೂರು ಪಟ್ಟಣದ ಲತಾ ಅವರು ಗೃಹಲಕ್ಷ್ಮಿ ಯೋಜನೆಯ ಹಣದಲ್ಲಿ ಟೈಲರಿಂಗ್ ಯಂತ್ರ ಖರೀದಿಸಿ ಉದ್ಯೋಗ ಆರಂಭಿಸಿದ್ದಾರೆ. ಪ್ರತಿ ತಿಂಗಳು ರೂ.17500-00 ಮೊತ್ತದ ಹಣವನ್ನು ಉಳಿತಾಯ ಮಾಡಿ ಕುಟುಂಬ ನಿರ್ವಹಣೆ ಮಾಡುತ್ತಿದ್ದಾರೆ.
ಹೆಚ್ಚಿನ ಸಾರ್ಥಕತೆ ಎದ್ದು ಕಾಣುತ್ತಿದೆ ಎಂದು ಸಂತಸ ವ್ಯಕ್ತಪಡಿಸಿದ್ದಾರೆ. ಶಿಗ್ಗಾಂವಿ ತಾಲ್ಲೂಕಿನ ಗ್ರಾಮವೊಂದರ ಮಹಿಳೆ ಯೋಜನೆಯ 10 ಕಂತುಗಳ ಹಣ ಕೂಡಿಸಿ ಕುರಿ ಸಾಕಾಣಿಕೆ ಆರಂಭಿಸಿದ್ದಾರೆ. ಯೋಜನೆಯಿಂದ ಮಹಿಳೆಯರ ಆತ್ಮವಿಶ್ವಾಸ ಹೆಚ್ಚಿದೆ. ಕುಟುಂಬದ ನಿರ್ಧಾರಗಳಲ್ಲಿ ಮಹಿಳೆಯರ ಪಾತ್ರ ಹೆಚ್ಚುತ್ತಿದೆ. ಸವಣೂರು ತಾಲ್ಲೂಕಿನ ಮಂಟಗಣಿ ಗ್ರಾಮದ ಮಹಿಳೆ ಹೆಚ್ಚಿನ ಪ್ರಯೋಜನ ಪಡೆದಿದ್ದಾರೆ.
ಬಂಧಿಸಿ ಗೃಹಲಕ್ಷ್ಮಿ ಯೋಜನೆಯ ಮಹತ್ವವನ್ನು ತಿಳಿಸಿದ್ದಾರೆ. ಈ ಗ್ರಾಮದ ಮಹಿಳೆಯರು ಯೋಜನೆಯ ಹಣ ಕೂಡಿಟ್ಟು ರೂ. 48000-00 ಹಣದಲ್ಲಿ ಕೃಷಿ ಚಟುವಟಿಕೆ ಆರಂಭಿಸಿದ್ದಾರೆ. ಸ್ವಂತ ಹಣದಿಂದ ದುಡಿಮೆ ಆರಂಭಿಸಿದ ಅವರು ಕುಟುಂಬಕ್ಕೆ ಆಸರೆಯಾಗಿದ್ದಾರೆ. ಗೃಹಲಕ್ಷ್ಮಿ ಯೋಜನೆ ಜಾರಿಯಾದ ನಂತರ ಮಹಿಳೆಯರ ಜೀವನದಲ್ಲಿ ಸಕಾರಾತ್ಮಕ ಬದಲಾವಣೆ ಕಂಡುಬಂದಿದೆ. ಯಾವುದೇ ಕೊರತೆಯಿಲ್ಲದಂತೆ ತಮ್ಮ ಕುಟುಂಬದ ನಿರ್ವಹಣೆ ಮಾಡುತ್ತಿದ್ದಾರೆ.
ಮಾಡುವ ಮಹಿಳೆಯರು, ಸರ್ಕಾರವು ಪ್ರಸ್ತುತ ಮಾಡುತ್ತಿರುವ ನೀಡುತ್ತಿರುವ ಗೃಹಲಕ್ಷ್ಮಿ ಯೋಜನೆಯ ಹಣವು ಆರ್ಥಿಕ ಸ್ವಾವಲಂಬನೆಗೆ ನೆರವಾಗಿದೆ. ಹಾವೇರಿ ಜಿಲ್ಲೆಯಲ್ಲಿ ಗೃಹಲಕ್ಷ್ಮಿ ಯೋಜನೆಯಡಿ ಒಟ್ಟು 3,81,606 ಮಹಿಳೆಯರನ್ನು ನೋಂದಣಿ ಮಾಡಲಾಗಿದ್ದು, ಅದರಲ್ಲಿ ಇದುವರೆಗೆ ಒಟ್ಟು 1325.23 ಕೋಟಿ ರೂ ಗಳ ಹಣವನ್ನು ಫಲಾನುಭವಿಗಳಿಗೆ ನೇರ ನಗದು ವರ್ಗಾವಣೆ ಮಾಡಲಾಗಿದೆ. ತಾಂತ್ರಿಕ ಕಾರಣಗಳಿಂದ ಬಾಕಿ ಉಳಿದ ಫಲಾನುಭವಿಗಳಿಗೂ ಶೀಘ್ರದಲ್ಲೇ ಹಣ ಜಮೆ ಮಾಡಲಾಗುವುದು.
ಸೌಲಭ್ಯ ದೊರೆಯುವಂತೆ ಮಾಡಲಾಗಿದೆ. ಹಾವೇರಿ ಜಿಲ್ಲೆಯ ಎಲ್ಲಾ ಮಹಿಳೆಯರು ಯೋಜನೆಯ ಪ್ರಯೋಜನವನ್ನು ಪಡೆಯಬೇಕಾಗಿದೆ.
ಶ್ರೀಮತಿ ಭಾರತಿ ಹೆಚ್
ಸಹಾಯಕ ನಿರ್ದೇಶಕರು
ವಾರ್ತಾ ಮತ್ತು ಸಾರ್ವಜನಿಕ ಸಂಪರ್ಕ ಇಲಾಖೆ
ಹಾವೇರಿ ಜಿಲ್ಲೆ
PANADAVA REGIONAL KANNADA DAILY MORNING, Editor, Printer & Owner by :S.T. VEDAMURTHY, A.P.M.C Road, Halageri Chawl, Ranebennur - 581 115
Haveri - Dist, Karnataka State, Printed at : GAYATHRI PUBLICATIONS, Nekar Colony, Industrial Area, Ranebennur, Haveri Dist, Karnataka State
